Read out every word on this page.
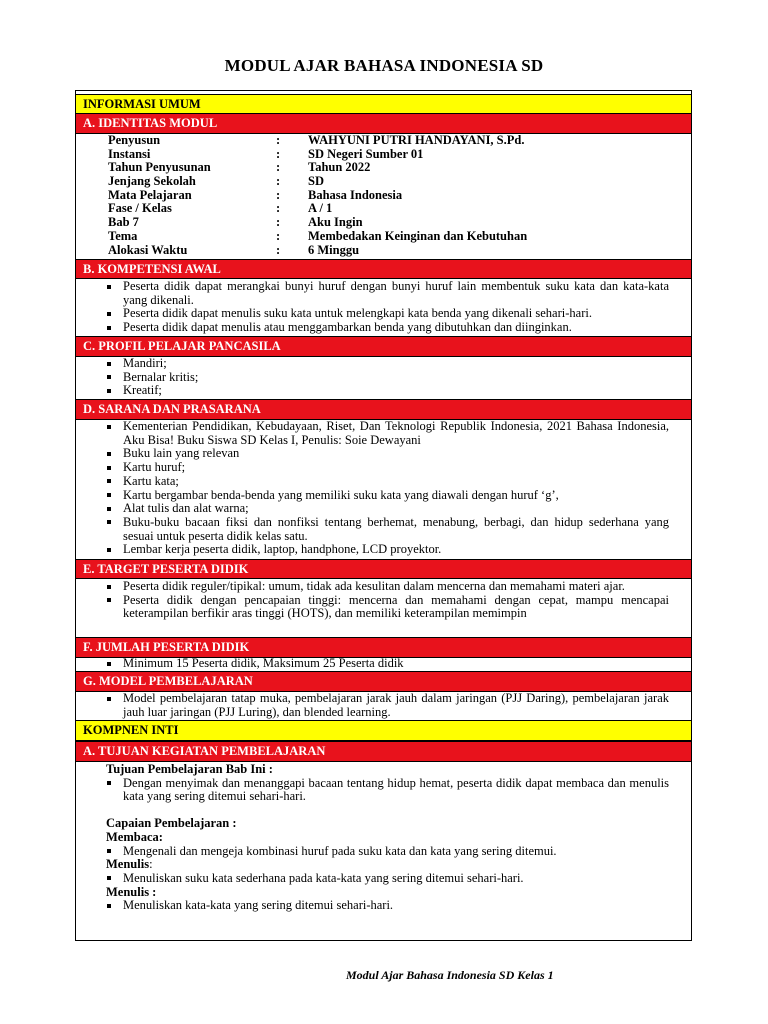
MODUL AJAR BAHASA INDONESIA SD
INFORMASI UMUM
A. IDENTITAS MODUL
Penyusun	:	WAHYUNI PUTRI HANDAYANI, S.Pd.
Instansi	:	SD Negeri Sumber 01
Tahun Penyusunan	:	Tahun 2022
Jenjang Sekolah	:	SD
Mata Pelajaran	:	Bahasa Indonesia
Fase / Kelas	:	A / 1
Bab 7	:	Aku Ingin
Tema	:	Membedakan Keinginan dan Kebutuhan
Alokasi Waktu	:	6 Minggu
B. KOMPETENSI AWAL
Peserta didik dapat merangkai bunyi huruf dengan bunyi huruf lain membentuk suku kata dan kata-kata yang dikenali.
Peserta didik dapat menulis suku kata untuk melengkapi kata benda yang dikenali sehari-hari.
Peserta didik dapat menulis atau menggambarkan benda yang dibutuhkan dan diinginkan.
C. PROFIL PELAJAR PANCASILA
Mandiri;
Bernalar kritis;
Kreatif;
D. SARANA DAN PRASARANA
Kementerian Pendidikan, Kebudayaan, Riset, Dan Teknologi Republik Indonesia, 2021 Bahasa Indonesia, Aku Bisa! Buku Siswa SD Kelas I, Penulis: Soie Dewayani
Buku lain yang relevan
Kartu huruf;
Kartu kata;
Kartu bergambar benda-benda yang memiliki suku kata yang diawali dengan huruf ‘g’,
Alat tulis dan alat warna;
Buku-buku bacaan fiksi dan nonfiksi tentang berhemat, menabung, berbagi, dan hidup sederhana yang sesuai untuk peserta didik kelas satu.
Lembar kerja peserta didik, laptop, handphone, LCD proyektor.
E. TARGET PESERTA DIDIK
Peserta didik reguler/tipikal: umum, tidak ada kesulitan dalam mencerna dan memahami materi ajar.
Peserta didik dengan pencapaian tinggi: mencerna dan memahami dengan cepat, mampu mencapai keterampilan berfikir aras tinggi (HOTS), dan memiliki keterampilan memimpin
F. JUMLAH PESERTA DIDIK
Minimum 15 Peserta didik, Maksimum 25 Peserta didik
G. MODEL PEMBELAJARAN
Model pembelajaran tatap muka, pembelajaran jarak jauh dalam jaringan (PJJ Daring), pembelajaran jarak jauh luar jaringan (PJJ Luring), dan blended learning.
KOMPNEN INTI
A. TUJUAN KEGIATAN PEMBELAJARAN
Tujuan Pembelajaran Bab Ini :
Dengan menyimak dan menanggapi bacaan tentang hidup hemat, peserta didik dapat membaca dan menulis kata yang sering ditemui sehari-hari.
Capaian Pembelajaran :
Membaca:
Mengenali dan mengeja kombinasi huruf pada suku kata dan kata yang sering ditemui.
Menulis:
Menuliskan suku kata sederhana pada kata-kata yang sering ditemui sehari-hari.
Menulis :
Menuliskan kata-kata yang sering ditemui sehari-hari.
Modul Ajar Bahasa Indonesia SD Kelas 1
